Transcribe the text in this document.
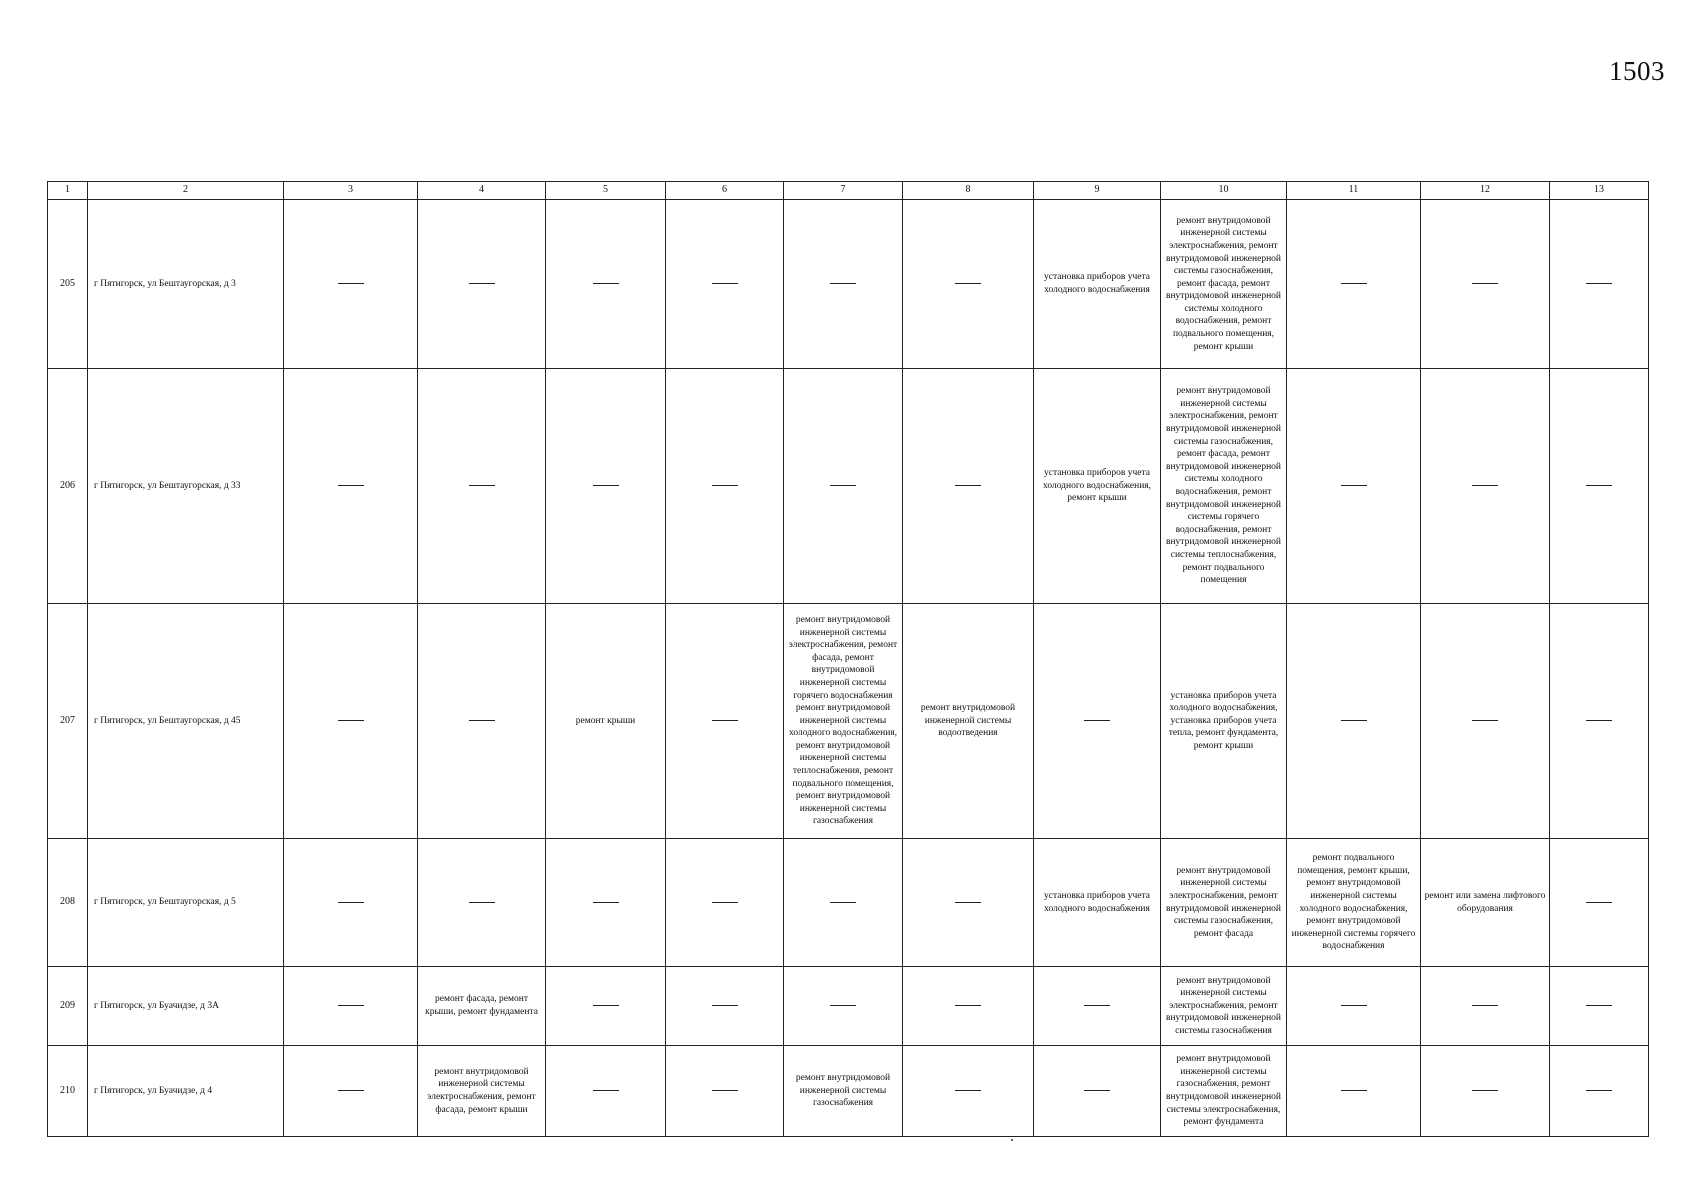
1503
1	2	3	4	5	6	7	8	9	10	11	12	13
205	г Пятигорск, ул Бештаугорская, д 3							установка приборов учета холодного водоснабжения	ремонт внутридомовой инженерной системы электроснабжения, ремонт внутридомовой инженерной системы газоснабжения, ремонт фасада, ремонт внутридомовой инженерной системы холодного водоснабжения, ремонт подвального помещения, ремонт крыши			
206	г Пятигорск, ул Бештаугорская, д 33							установка приборов учета холодного водоснабжения, ремонт крыши	ремонт внутридомовой инженерной системы электроснабжения, ремонт внутридомовой инженерной системы газоснабжения, ремонт фасада, ремонт внутридомовой инженерной системы холодного водоснабжения, ремонт внутридомовой инженерной системы горячего водоснабжения, ремонт внутридомовой инженерной системы теплоснабжения, ремонт подвального помещения			
207	г Пятигорск, ул Бештаугорская, д 45			ремонт крыши		ремонт внутридомовой инженерной системы электроснабжения, ремонт фасада, ремонт внутридомовой инженерной системы горячего водоснабжения ремонт внутридомовой инженерной системы холодного водоснабжения, ремонт внутридомовой инженерной системы теплоснабжения, ремонт подвального помещения, ремонт внутридомовой инженерной системы газоснабжения	ремонт внутридомовой инженерной системы водоотведения		установка приборов учета холодного водоснабжения, установка приборов учета тепла, ремонт фундамента, ремонт крыши			
208	г Пятигорск, ул Бештаугорская, д 5							установка приборов учета холодного водоснабжения	ремонт внутридомовой инженерной системы электроснабжения, ремонт внутридомовой инженерной системы газоснабжения, ремонт фасада	ремонт подвального помещения, ремонт крыши, ремонт внутридомовой инженерной системы холодного водоснабжения, ремонт внутридомовой инженерной системы горячего водоснабжения	ремонт или замена лифтового оборудования	
209	г Пятигорск, ул Буачидзе, д 3А		ремонт фасада, ремонт крыши, ремонт фундамента						ремонт внутридомовой инженерной системы электроснабжения, ремонт внутридомовой инженерной системы газоснабжения			
210	г Пятигорск, ул Буачидзе, д 4		ремонт внутридомовой инженерной системы электроснабжения, ремонт фасада, ремонт крыши			ремонт внутридомовой инженерной системы газоснабжения			ремонт внутридомовой инженерной системы газоснабжения, ремонт внутридомовой инженерной системы электроснабжения, ремонт фундамента			
